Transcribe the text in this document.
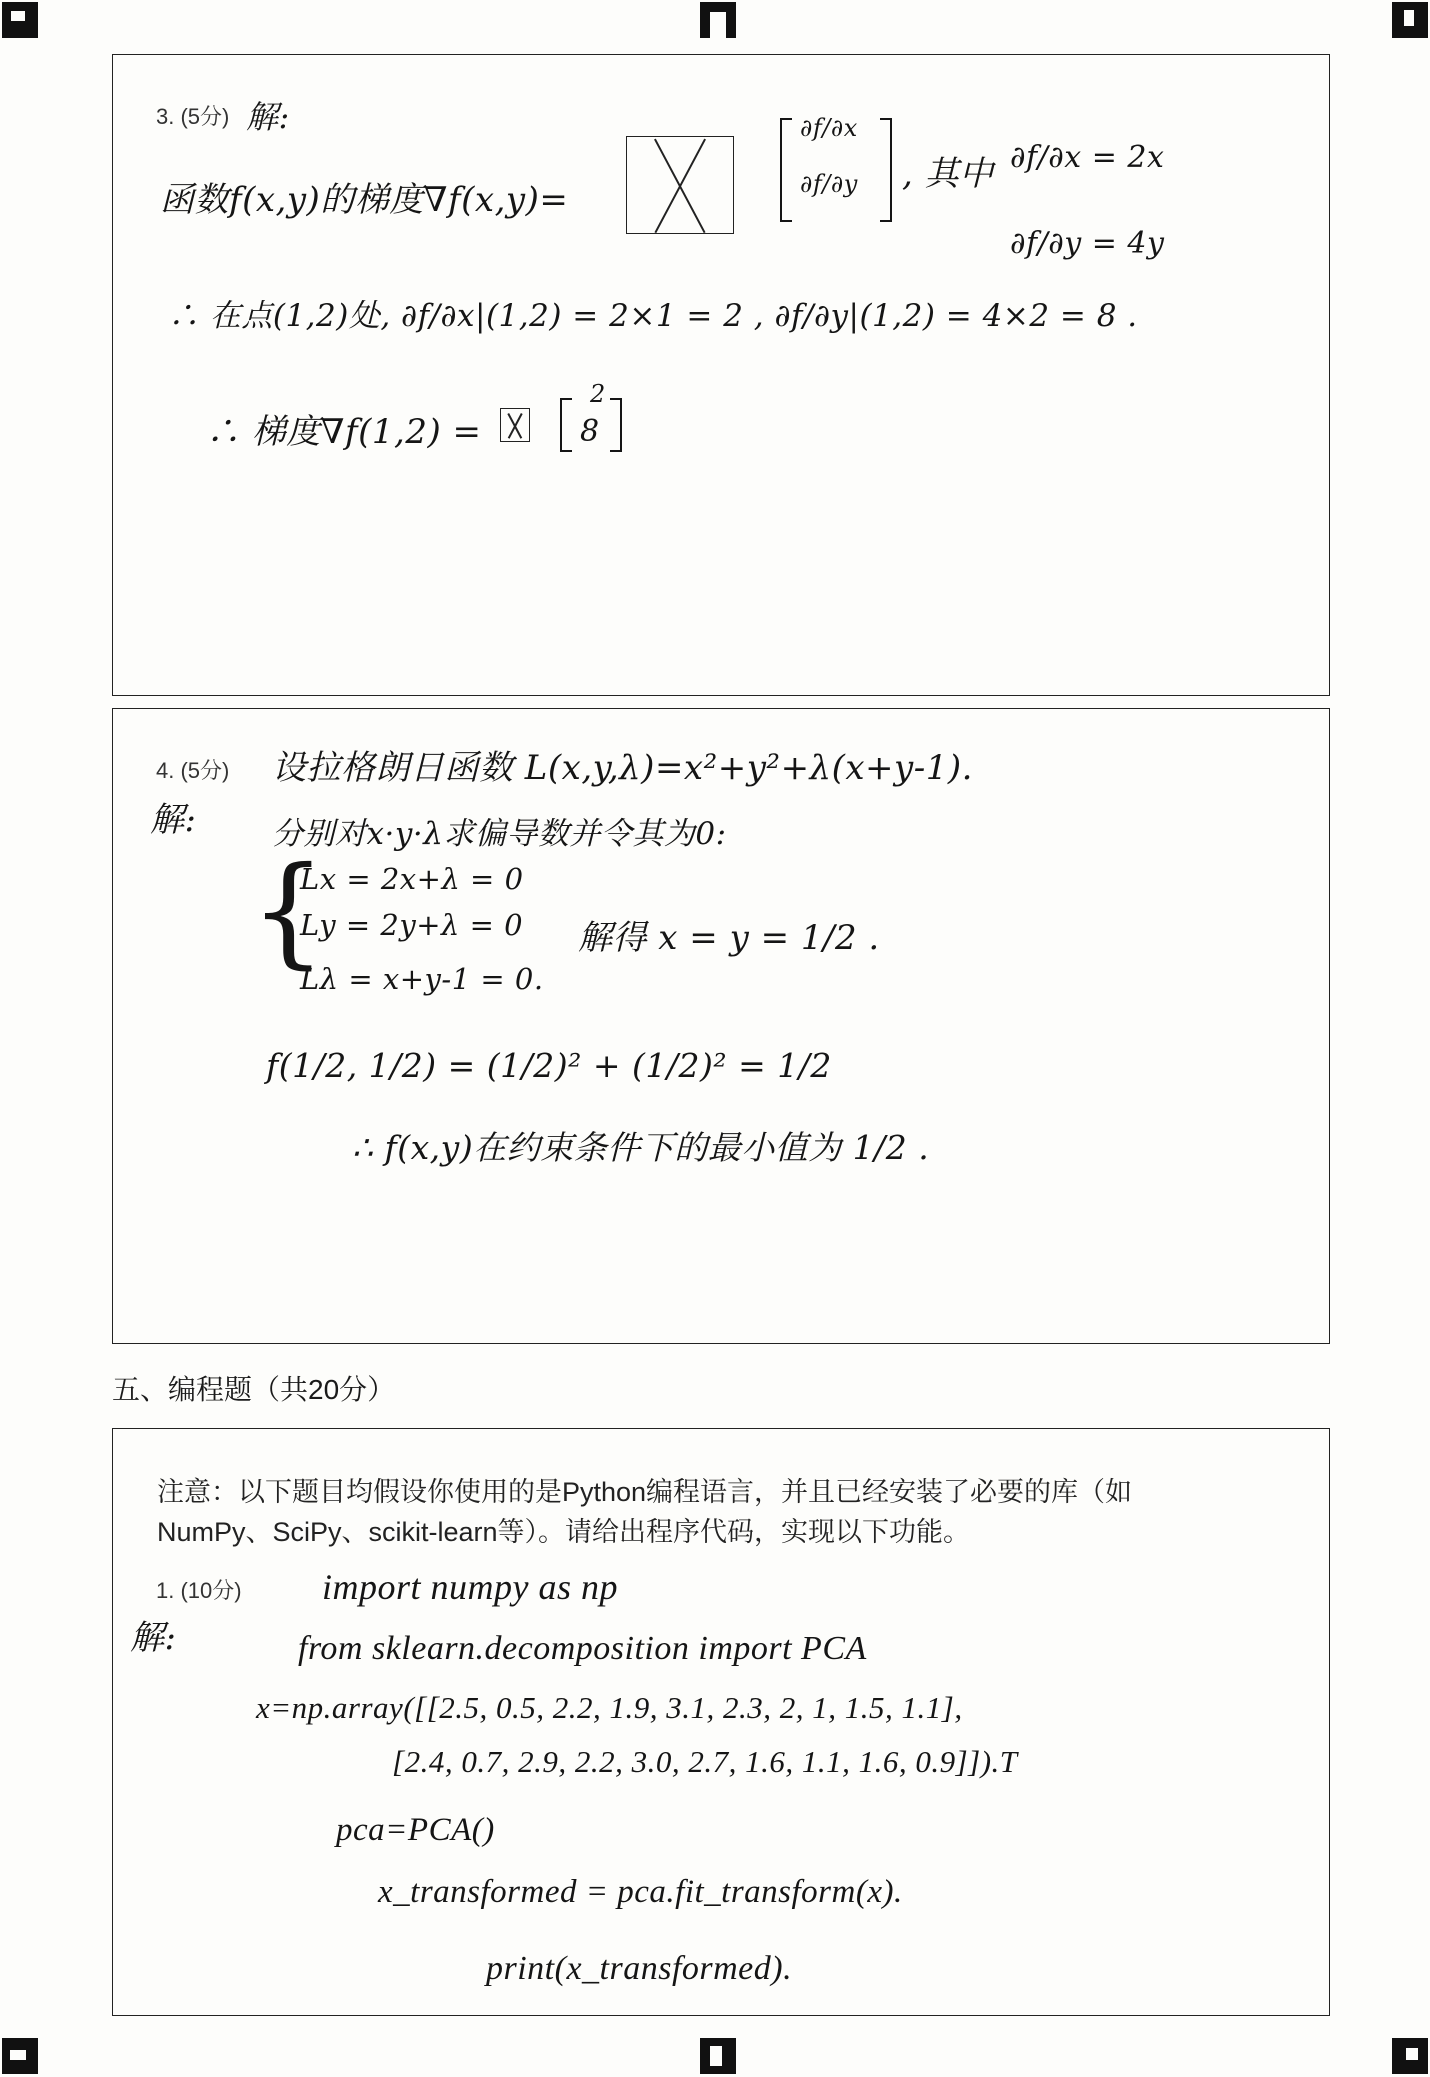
3. (5分) 解:
函数f(x,y)的梯度∇f(x,y)=
∂f/∂x
∂f/∂y , 其中 ∂f/∂x = 2x
∂f/∂y = 4y
∴ 在点(1,2)处, ∂f/∂x|(1,2) = 2×1 = 2 , ∂f/∂y|(1,2) = 4×2 = 8 .
∴ 梯度∇f(1,2) =
2
8
4. (5分)
解:
设拉格朗日函数 L(x,y,λ)=x²+y²+λ(x+y-1).
分别对x·y·λ求偏导数并令其为0:
{
Lx = 2x+λ = 0
Ly = 2y+λ = 0
Lλ = x+y-1 = 0.
解得 x = y = 1/2 .
f(1/2, 1/2) = (1/2)² + (1/2)² = 1/2
∴ f(x,y)在约束条件下的最小值为 1/2 .
五、编程题（共20分）
注意：以下题目均假设你使用的是Python编程语言，并且已经安装了必要的库（如
NumPy、SciPy、scikit-learn等）。请给出程序代码，实现以下功能。
1. (10分)
解:
import numpy as np
from sklearn.decomposition import PCA
x=np.array([[2.5, 0.5, 2.2, 1.9, 3.1, 2.3, 2, 1, 1.5, 1.1],
[2.4, 0.7, 2.9, 2.2, 3.0, 2.7, 1.6, 1.1, 1.6, 0.9]]).T
pca=PCA()
x_transformed = pca.fit_transform(x).
print(x_transformed).
